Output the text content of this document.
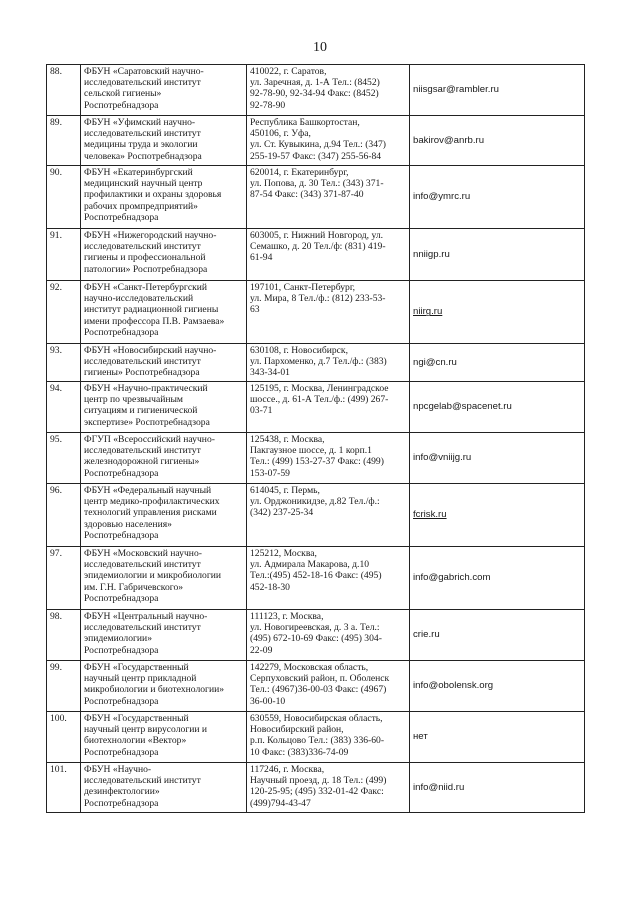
10
88.	ФБУН «Саратовский научно-
исследовательский институт
сельской гигиены»
Роспотребнадзора	410022, г. Саратов,
ул. Заречная, д. 1-А Тел.: (8452)
92-78-90, 92-34-94 Факс: (8452)
92-78-90	niisgsar@rambler.ru
89.	ФБУН «Уфимский научно-
исследовательский институт
медицины труда и экологии
человека» Роспотребнадзора	Республика Башкортостан,
450106, г. Уфа,
ул. Ст. Кувыкина, д.94 Тел.: (347)
255-19-57 Факс: (347) 255-56-84	bakirov@anrb.ru
90.	ФБУН «Екатеринбургский
медицинский научный центр
профилактики и охраны здоровья
рабочих промпредприятий»
Роспотребнадзора	620014, г. Екатеринбург,
ул. Попова, д. 30 Тел.: (343) 371-
87-54 Факс: (343) 371-87-40	info@ymrc.ru
91.	ФБУН «Нижегородский научно-
исследовательский институт
гигиены и профессиональной
патологии» Роспотребнадзора	603005, г. Нижний Новгород, ул.
Семашко, д. 20 Тел./ф: (831) 419-
61-94	nniigp.ru
92.	ФБУН «Санкт-Петербургский
научно-исследовательский
институт радиационной гигиены
имени профессора П.В. Рамзаева»
Роспотребнадзора	197101, Санкт-Петербург,
ул. Мира, 8 Тел./ф.: (812) 233-53-
63	niirg.ru
93.	ФБУН «Новосибирский научно-
исследовательский институт
гигиены» Роспотребнадзора	630108, г. Новосибирск,
ул. Пархоменко, д.7 Тел./ф.: (383)
343-34-01	ngi@cn.ru
94.	ФБУН «Научно-практический
центр по чрезвычайным
ситуациям и гигиенической
экспертизе» Роспотребнадзора	125195, г. Москва, Ленинградское
шоссе., д. 61-А Тел./ф.: (499) 267-
03-71	npcgelab@spacenet.ru
95.	ФГУП «Всероссийский научно-
исследовательский институт
железнодорожной гигиены»
Роспотребнадзора	125438, г. Москва,
Пакгаузное шоссе, д. 1 корп.1
Тел.: (499) 153-27-37 Факс: (499)
153-07-59	info@vniijg.ru
96.	ФБУН «Федеральный научный
центр медико-профилактических
технологий управления рисками
здоровью населения»
Роспотребнадзора	614045, г. Пермь,
ул. Орджоникидзе, д.82 Тел./ф.:
(342) 237-25-34	fcrisk.ru
97.	ФБУН «Московский научно-
исследовательский институт
эпидемиологии и микробиологии
им. Г.Н. Габричевского»
Роспотребнадзора	125212, Москва,
ул. Адмирала Макарова, д.10
Тел.:(495) 452-18-16 Факс: (495)
452-18-30	info@gabrich.com
98.	ФБУН «Центральный научно-
исследовательский институт
эпидемиологии»
Роспотребнадзора	111123, г. Москва,
ул. Новогиреевская, д. 3 а. Тел.:
(495) 672-10-69 Факс: (495) 304-
22-09	crie.ru
99.	ФБУН «Государственный
научный центр прикладной
микробиологии и биотехнологии»
Роспотребнадзора	142279, Московская область,
Серпуховский район, п. Оболенск
Тел.: (4967)36-00-03 Факс: (4967)
36-00-10	info@obolensk.org
100.	ФБУН «Государственный
научный центр вирусологии и
биотехнологии «Вектор»
Роспотребнадзора	630559, Новосибирская область,
Новосибирский район,
р.п. Кольцово Тел.: (383) 336-60-
10 Факс: (383)336-74-09	нет
101.	ФБУН «Научно-
исследовательский институт
дезинфектологии»
Роспотребнадзора	117246, г. Москва,
Научный проезд, д. 18 Тел.: (499)
120-25-95; (495) 332-01-42 Факс:
(499)794-43-47	info@niid.ru
